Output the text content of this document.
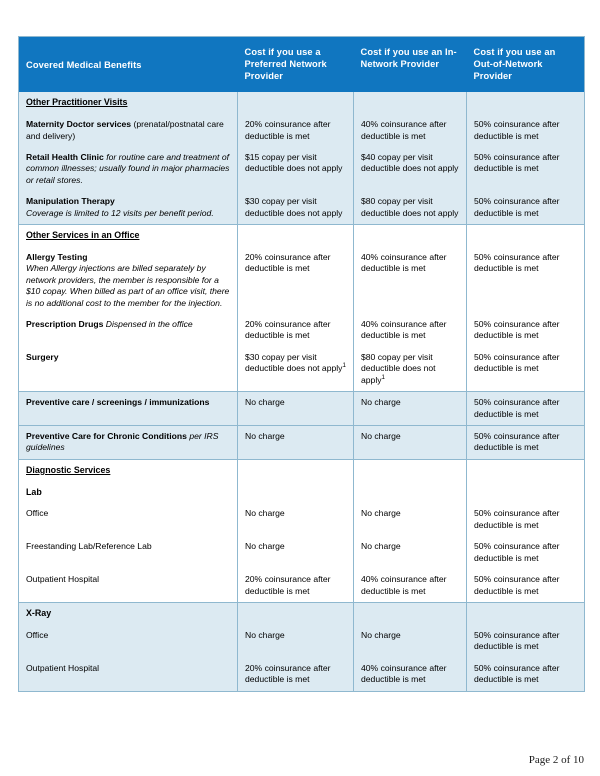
Covered Medical Benefits	Cost if you use a Preferred Network Provider	Cost if you use an In-Network Provider	Cost if you use an Out-of-Network Provider
Other Practitioner Visits			
Maternity Doctor services (prenatal/postnatal care and delivery)	20% coinsurance after deductible is met	40% coinsurance after deductible is met	50% coinsurance after deductible is met
Retail Health Clinic for routine care and treatment of common illnesses; usually found in major pharmacies or retail stores.	$15 copay per visit deductible does not apply	$40 copay per visit deductible does not apply	50% coinsurance after deductible is met

Manipulation Therapy
Coverage is limited to 12 visits per benefit period.	$30 copay per visit deductible does not apply	$80 copay per visit deductible does not apply	50% coinsurance after deductible is met
Other Services in an Office			

Allergy Testing
When Allergy injections are billed separately by network providers, the member is responsible for a $10 copay. When billed as part of an office visit, there is no additional cost to the member for the injection.	20% coinsurance after deductible is met	40% coinsurance after deductible is met	50% coinsurance after deductible is met
Prescription Drugs Dispensed in the office	20% coinsurance after deductible is met	40% coinsurance after deductible is met	50% coinsurance after deductible is met
Surgery	$30 copay per visit deductible does not apply$^1$	$80 copay per visit deductible does not apply$^1$	50% coinsurance after deductible is met
Preventive care / screenings / immunizations	No charge	No charge	50% coinsurance after deductible is met
Preventive Care for Chronic Conditions per IRS guidelines	No charge	No charge	50% coinsurance after deductible is met
Diagnostic Services			
Lab			
Office	No charge	No charge	50% coinsurance after deductible is met
Freestanding Lab/Reference Lab	No charge	No charge	50% coinsurance after deductible is met
Outpatient Hospital	20% coinsurance after deductible is met	40% coinsurance after deductible is met	50% coinsurance after deductible is met
X-Ray			
Office	No charge	No charge	50% coinsurance after deductible is met
Outpatient Hospital	20% coinsurance after deductible is met	40% coinsurance after deductible is met	50% coinsurance after deductible is met
Page 2 of 10
